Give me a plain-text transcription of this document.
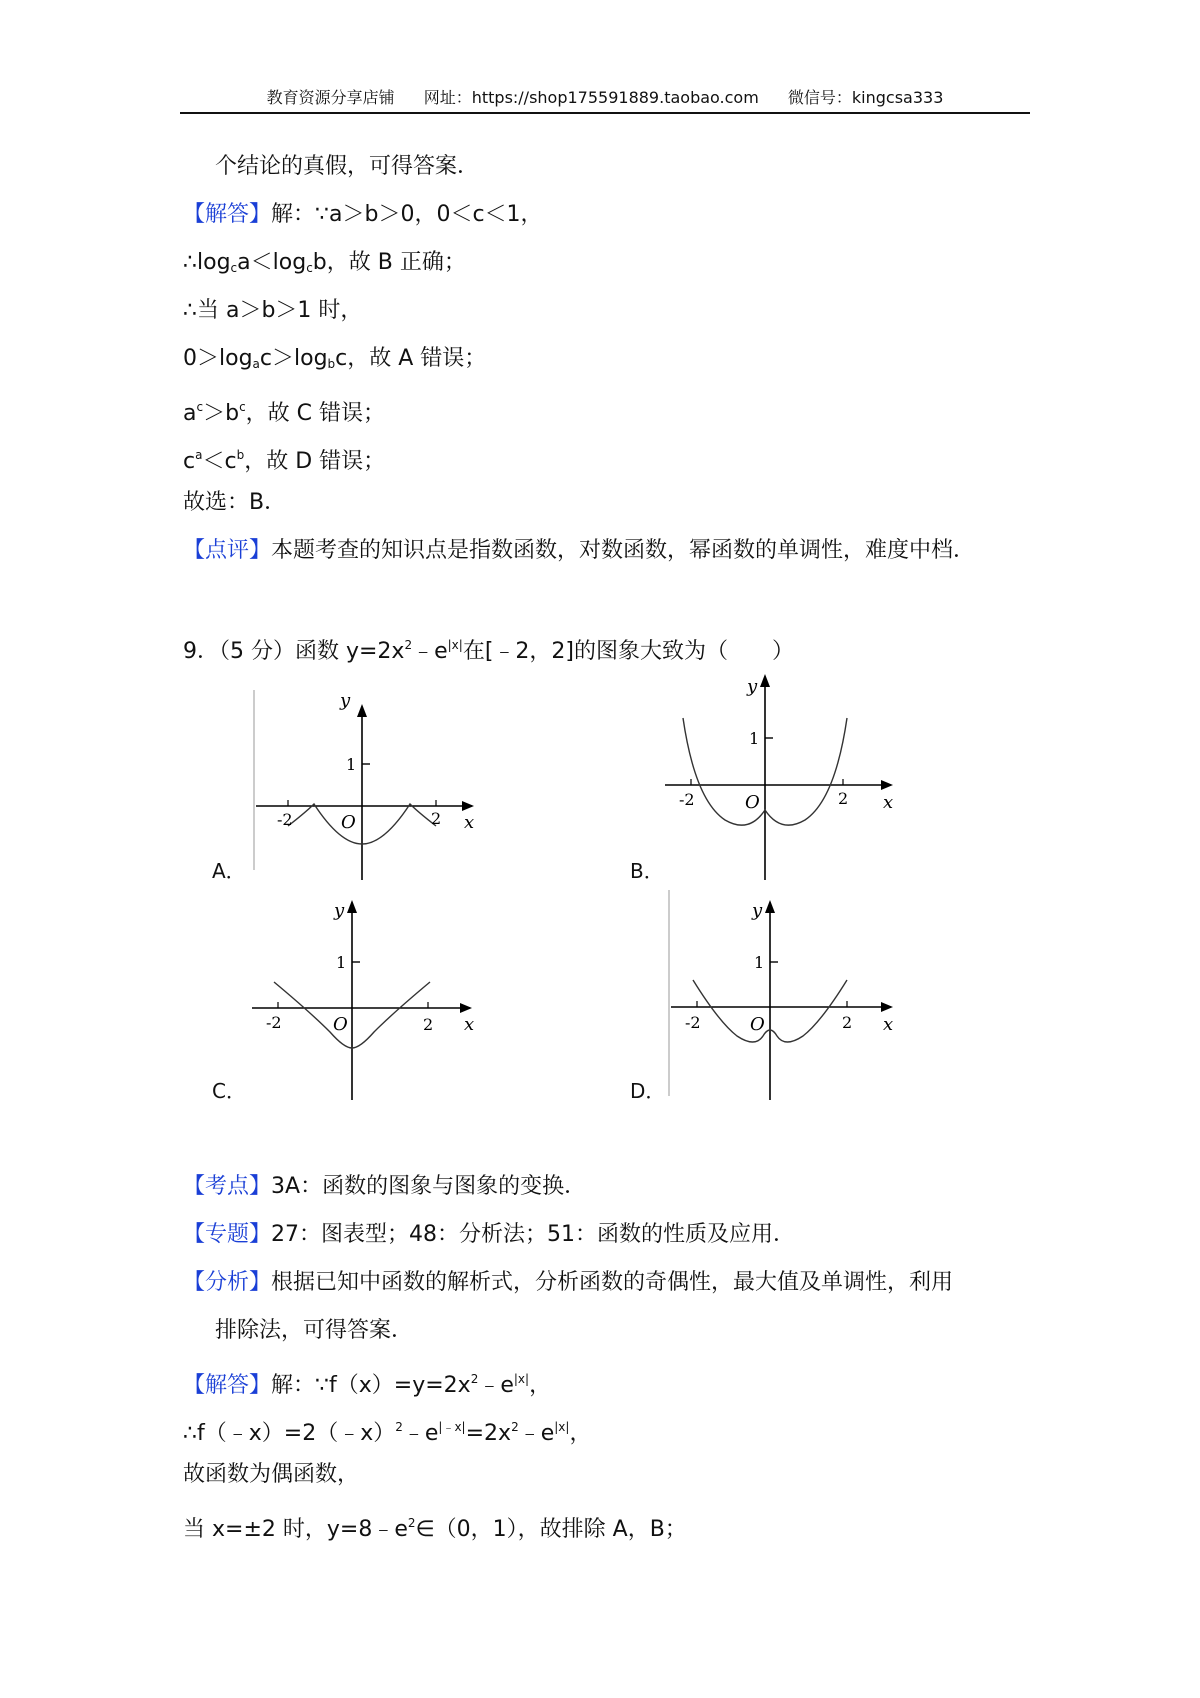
教育资源分享店铺 网址：https://shop175591889.taobao.com 微信号：kingcsa333
个结论的真假，可得答案．
【解答】解：∵a＞b＞0，0＜c＜1，
$\therefore\log_ca<\log_cb$，故 B 正确；
∴当 a＞b＞1 时，
$0>\log_ac>\log_bc$，故 A 错误；
$a^c>b^c$，故 C 错误；
$c^a<c^b$，故 D 错误；
故选：B．
【点评】本题考查的知识点是指数函数，对数函数，幂函数的单调性，难度中档．
9．（5 分）函数 $y=2x^2﹣e^{|x|}$在[﹣2，2]的图象大致为（　　）
y
x
O
1
-2	2
A．
y
x
O
1
-2	2
B．
y
x
O
1
-2	2
C．
y
x
O
1
-2	2
D．
【考点】3A：函数的图象与图象的变换．
【专题】27：图表型；48：分析法；51：函数的性质及应用．
【分析】根据已知中函数的解析式，分析函数的奇偶性，最大值及单调性，利用
排除法，可得答案．
【解答】解：$\because f(x)=y=2x^2﹣e^{|x|}$，
$\therefore f(﹣x)=2(﹣x)^2﹣e^{|﹣x|}=2x^2﹣e^{|x|}$，
故函数为偶函数，
当 x=±2 时，$y=8﹣e^2\in(0$，1），故排除 A，B；
